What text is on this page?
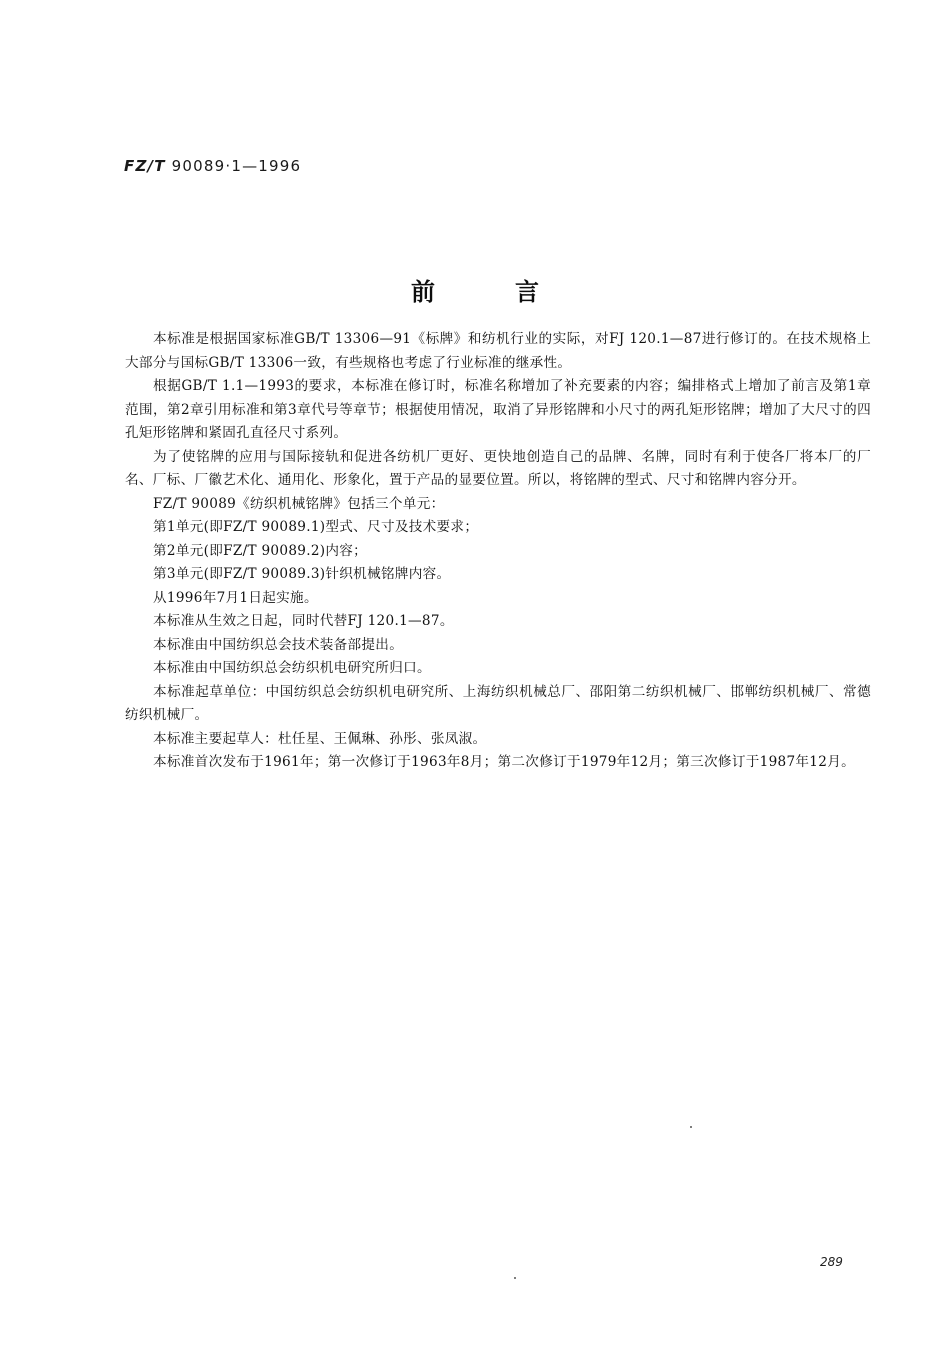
FZ/T 90089·1—1996
前言

本标准是根据国家标准GB/T 13306—91《标牌》和纺机行业的实际，对FJ 120.1—87进行修订的。在技术规格上大部分与国标GB/T 13306一致，有些规格也考虑了行业标准的继承性。

根据GB/T 1.1—1993的要求，本标准在修订时，标准名称增加了补充要素的内容；编排格式上增加了前言及第1章范围，第2章引用标准和第3章代号等章节；根据使用情况，取消了异形铭牌和小尺寸的两孔矩形铭牌；增加了大尺寸的四孔矩形铭牌和紧固孔直径尺寸系列。

为了使铭牌的应用与国际接轨和促进各纺机厂更好、更快地创造自己的品牌、名牌，同时有利于使各厂将本厂的厂名、厂标、厂徽艺术化、通用化、形象化，置于产品的显要位置。所以，将铭牌的型式、尺寸和铭牌内容分开。

FZ/T 90089《纺织机械铭牌》包括三个单元：

第1单元(即FZ/T 90089.1)型式、尺寸及技术要求；

第2单元(即FZ/T 90089.2)内容；

第3单元(即FZ/T 90089.3)针织机械铭牌内容。

从1996年7月1日起实施。

本标准从生效之日起，同时代替FJ 120.1—87。

本标准由中国纺织总会技术装备部提出。

本标准由中国纺织总会纺织机电研究所归口。

本标准起草单位：中国纺织总会纺织机电研究所、上海纺织机械总厂、邵阳第二纺织机械厂、邯郸纺织机械厂、常德纺织机械厂。

本标准主要起草人：杜任星、王佩琳、孙彤、张凤淑。

本标准首次发布于1961年；第一次修订于1963年8月；第二次修订于1979年12月；第三次修订于1987年12月。

289
